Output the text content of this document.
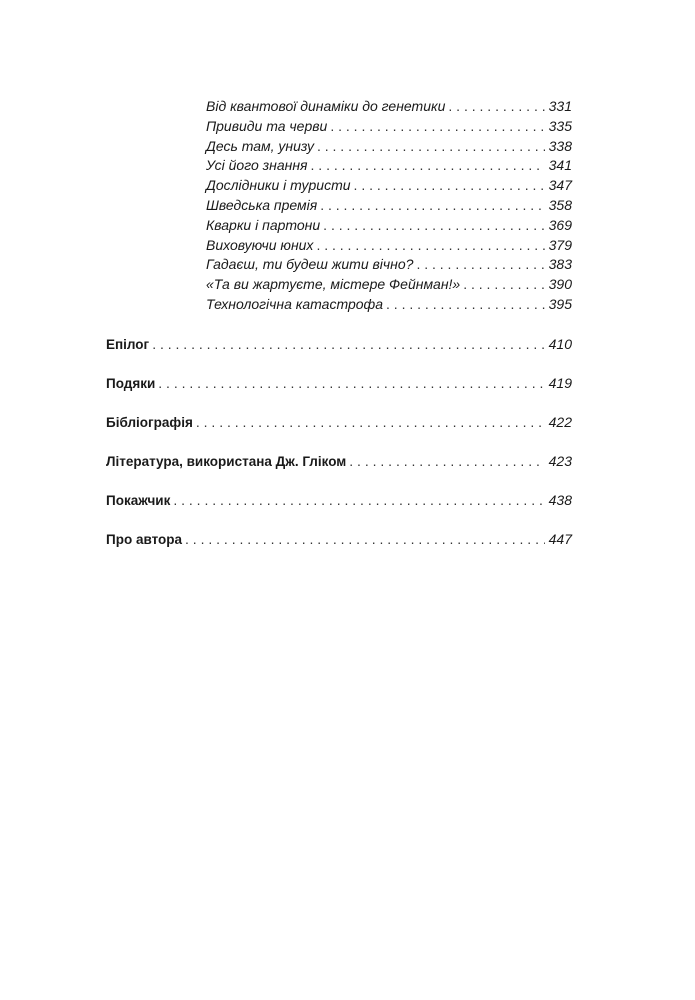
Від квантової динаміки до генетики . . .	331
Привиди та черви . . .	335
Десь там, унизу . . .	338
Усі його знання . . .	341
Дослідники і туристи . . .	347
Шведська премія . . .	358
Кварки і партони . . .	369
Виховуючи юних . . .	379
Гадаєш, ти будеш жити вічно? . . .	383
«Та ви жартуєте, містере Фейнман!» . . .	390
Технологічна катастрофа . . .	395
Епілог . . .	410
Подяки . . .	419
Бібліографія . . .	422
Література, використана Дж. Гліком . . .	423
Покажчик . . .	438
Про автора . . .	447
